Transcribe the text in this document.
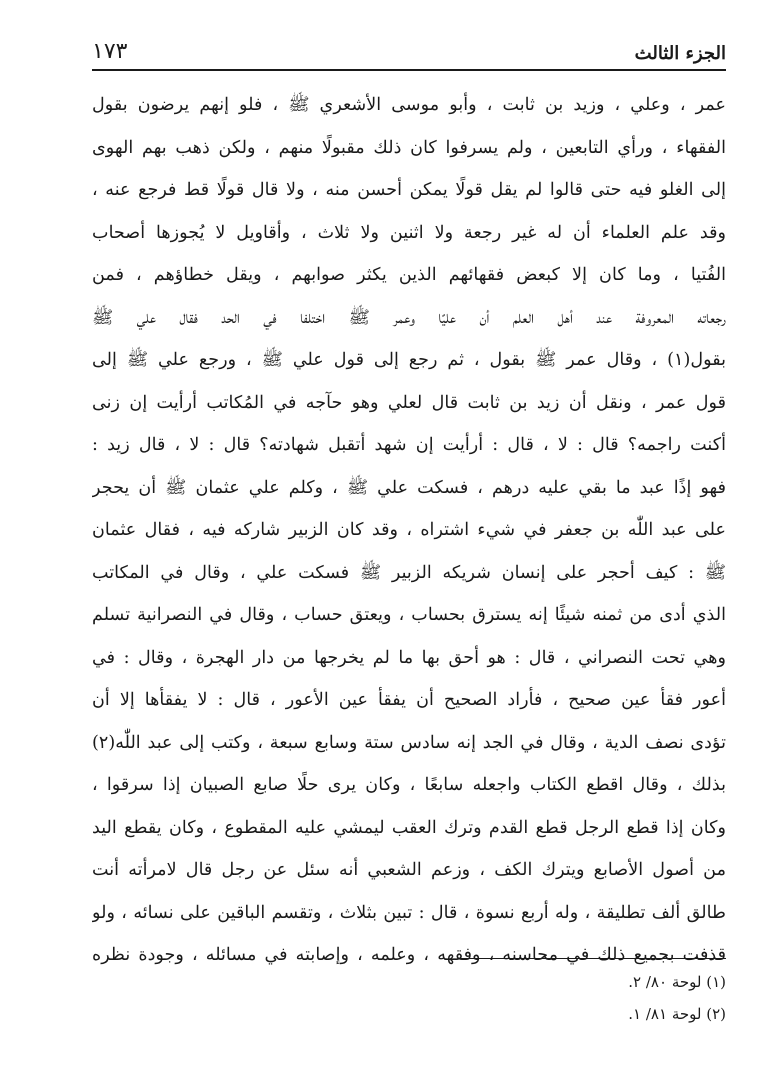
الجزء الثالث
١٧٣
عمر ، وعلي ، وزيد بن ثابت ، وأبو موسى الأشعري ﷺ ، فلو إنهم يرضون بقول
الفقهاء ، ورأي التابعين ، ولم يسرفوا كان ذلك مقبولًا منهم ، ولكن ذهب بهم الهوى
إلى الغلو فيه حتى قالوا لم يقل قولًا يمكن أحسن منه ، ولا قال قولًا قط فرجع عنه ،
وقد علم العلماء أن له غير رجعة ولا اثنين ولا ثلاث ، وأقاويل لا يُجوزها أصحاب
الفُتيا ، وما كان إلا كبعض فقهائهم الذين يكثر صوابهم ، ويقل خطاؤهم ، فمن
رجعاته المعروفة عند أهل العلم أن عليًا وعمر ﷺ اختلفا في الحد فقال علي ﷺ
بقول(١) ، وقال عمر ﷺ بقول ، ثم رجع إلى قول علي ﷺ ، ورجع علي ﷺ إلى
قول عمر ، ونقل أن زيد بن ثابت قال لعلي وهو حآجه في المُكاتب أرأيت إن زنى
أكنت راجمه؟ قال : لا ، قال : أرأيت إن شهد أتقبل شهادته؟ قال : لا ، قال زيد :
فهو إذًا عبد ما بقي عليه درهم ، فسكت علي ﷺ ، وكلم علي عثمان ﷺ أن يحجر
على عبد اللّٰه بن جعفر في شيء اشتراه ، وقد كان الزبير شاركه فيه ، فقال عثمان
ﷺ : كيف أحجر على إنسان شريكه الزبير ﷺ فسكت علي ، وقال في المكاتب
الذي أدى من ثمنه شيئًا إنه يسترق بحساب ، ويعتق حساب ، وقال في النصرانية تسلم
وهي تحت النصراني ، قال : هو أحق بها ما لم يخرجها من دار الهجرة ، وقال : في
أعور فقأ عين صحيح ، فأراد الصحيح أن يفقأ عين الأعور ، قال : لا يفقأها إلا أن
تؤدى نصف الدية ، وقال في الجد إنه سادس ستة وسابع سبعة ، وكتب إلى عبد اللّٰه(٢)
بذلك ، وقال اقطع الكتاب واجعله سابعًا ، وكان يرى حلًا صابع الصبيان إذا سرقوا ،
وكان إذا قطع الرجل قطع القدم وترك العقب ليمشي عليه المقطوع ، وكان يقطع اليد
من أصول الأصابع ويترك الكف ، وزعم الشعبي أنه سئل عن رجل قال لامرأته أنت
طالق ألف تطليقة ، وله أربع نسوة ، قال : تبين بثلاث ، وتقسم الباقين على نسائه ، ولو
قذفت بجميع ذلك في محاسنه ، وفقهه ، وعلمه ، وإصابته في مسائله ، وجودة نظره
(١) لوحة ٨٠/ ٢.
(٢) لوحة ٨١/ ١.
